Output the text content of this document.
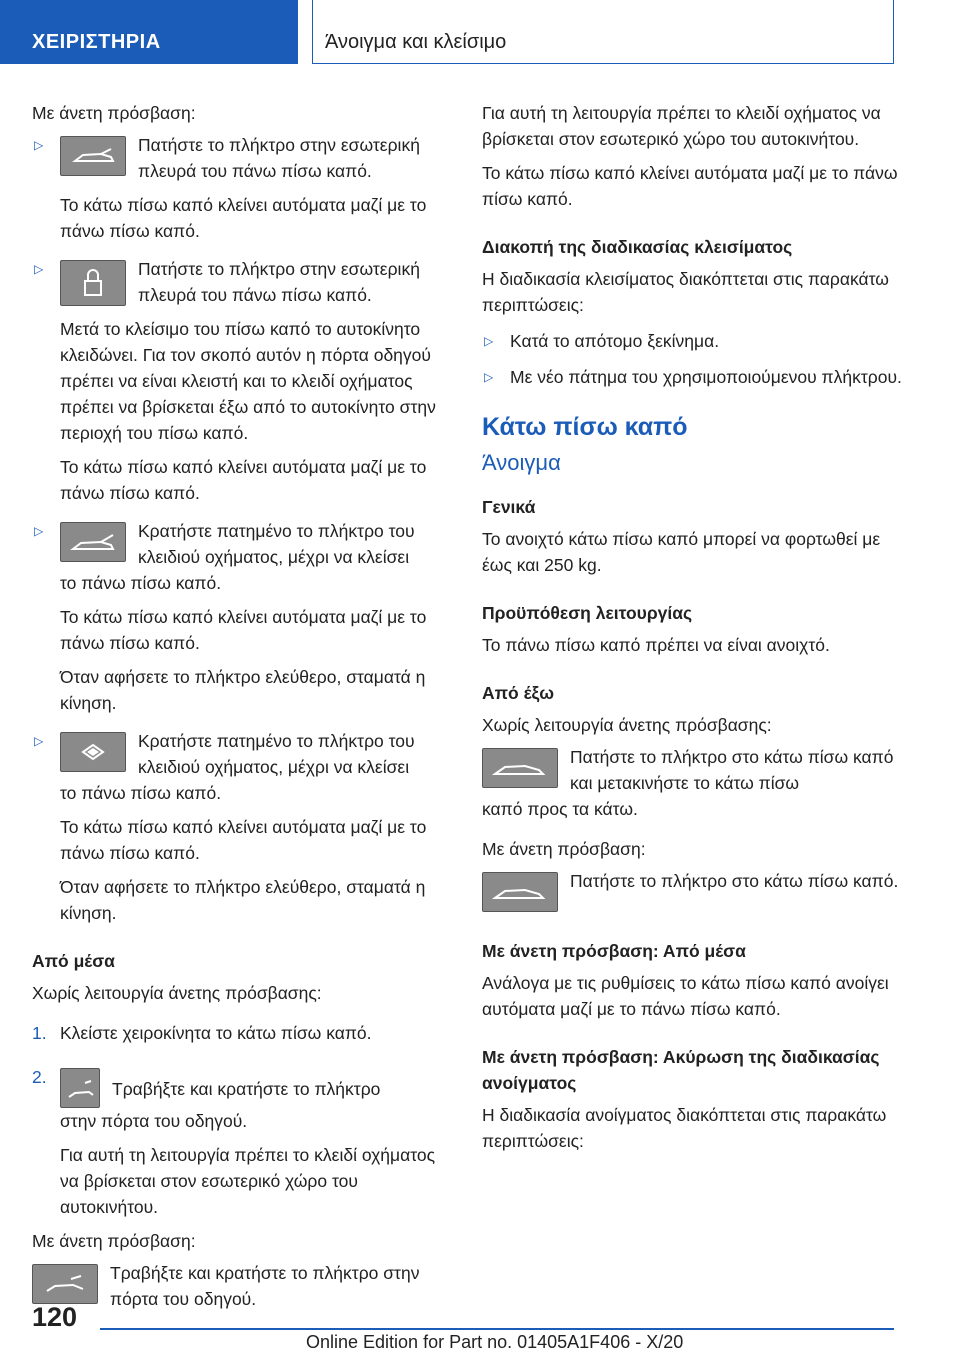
ΧΕΙΡΙΣΤΗΡΙΑ	Άνοιγμα και κλείσιμο

Με άνετη πρόσβαση:

▷	Πατήστε το πλήκτρο στην εσωτερική πλευρά του πάνω πίσω καπό.

Το κάτω πίσω καπό κλείνει αυτόματα μαζί με το πάνω πίσω καπό.

▷	Πατήστε το πλήκτρο στην εσωτερική πλευρά του πάνω πίσω καπό.

Μετά το κλείσιμο του πίσω καπό το αυτοκίνητο κλειδώνει. Για τον σκοπό αυτόν η πόρτα οδηγού πρέπει να είναι κλειστή και το κλειδί οχήματος πρέπει να βρίσκεται έξω από το αυτοκίνητο στην περιοχή του πίσω καπό.

Το κάτω πίσω καπό κλείνει αυτόματα μαζί με το πάνω πίσω καπό.

▷	Κρατήστε πατημένο το πλήκτρο του κλειδιού οχήματος, μέχρι να κλείσει

το πάνω πίσω καπό.

Το κάτω πίσω καπό κλείνει αυτόματα μαζί με το πάνω πίσω καπό.

Όταν αφήσετε το πλήκτρο ελεύθερο, σταματά η κίνηση.

▷	Κρατήστε πατημένο το πλήκτρο του κλειδιού οχήματος, μέχρι να κλείσει

το πάνω πίσω καπό.

Το κάτω πίσω καπό κλείνει αυτόματα μαζί με το πάνω πίσω καπό.

Όταν αφήσετε το πλήκτρο ελεύθερο, σταματά η κίνηση.

Από μέσα

Χωρίς λειτουργία άνετης πρόσβασης:

1. Κλείστε χειροκίνητα το κάτω πίσω καπό.

2.

Τραβήξτε και κρατήστε το πλήκτρο

στην πόρτα του οδηγού.

Για αυτή τη λειτουργία πρέπει το κλειδί οχήματος να βρίσκεται στον εσωτερικό χώρο του αυτοκινήτου.

Με άνετη πρόσβαση:

Τραβήξτε και κρατήστε το πλήκτρο στην πόρτα του οδηγού.

Για αυτή τη λειτουργία πρέπει το κλειδί οχήματος να βρίσκεται στον εσωτερικό χώρο του αυτοκινήτου.

Το κάτω πίσω καπό κλείνει αυτόματα μαζί με το πάνω πίσω καπό.

Διακοπή της διαδικασίας κλεισίματος

Η διαδικασία κλεισίματος διακόπτεται στις παρακάτω περιπτώσεις:

▷ Κατά το απότομο ξεκίνημα.

▷ Με νέο πάτημα του χρησιμοποιούμενου πλήκτρου.

Κάτω πίσω καπό
Άνοιγμα
Γενικά

Το ανοιχτό κάτω πίσω καπό μπορεί να φορτωθεί με έως και 250 kg.

Προϋπόθεση λειτουργίας

Το πάνω πίσω καπό πρέπει να είναι ανοιχτό.

Από έξω

Χωρίς λειτουργία άνετης πρόσβασης:

Πατήστε το πλήκτρο στο κάτω πίσω καπό και μετακινήστε το κάτω πίσω

καπό προς τα κάτω.

Με άνετη πρόσβαση:

Πατήστε το πλήκτρο στο κάτω πίσω καπό.

Με άνετη πρόσβαση: Από μέσα

Ανάλογα με τις ρυθμίσεις το κάτω πίσω καπό ανοίγει αυτόματα μαζί με το πάνω πίσω καπό.

Με άνετη πρόσβαση: Ακύρωση της διαδικασίας ανοίγματος

Η διαδικασία ανοίγματος διακόπτεται στις παρακάτω περιπτώσεις:

120
Online Edition for Part no. 01405A1F406 - X/20
